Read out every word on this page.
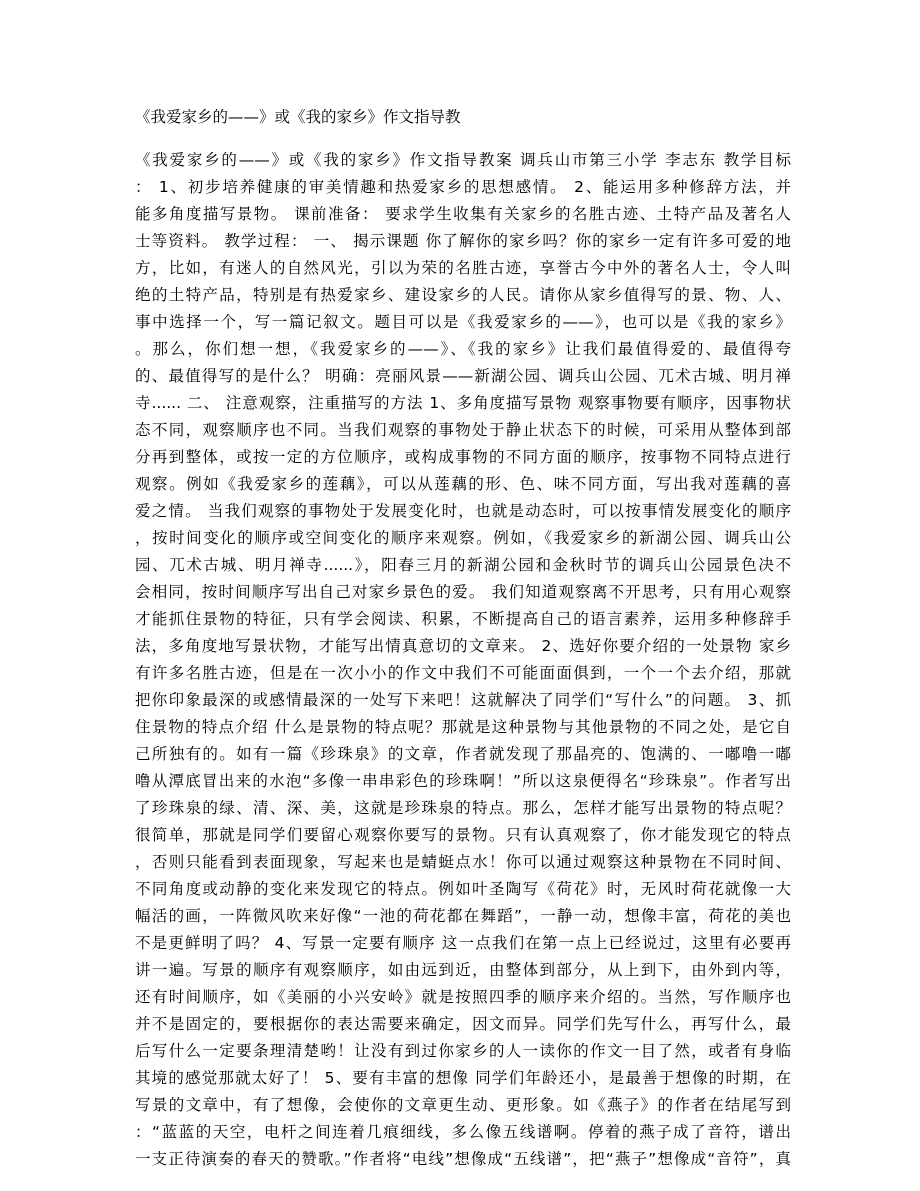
《我爱家乡的——》或《我的家乡》作文指导教
《我爱家乡的——》或《我的家乡》作文指导教案 调兵山市第三小学 李志东 教学目标
： 1、初步培养健康的审美情趣和热爱家乡的思想感情。 2、能运用多种修辞方法，并
能多角度描写景物。 课前准备： 要求学生收集有关家乡的名胜古迹、土特产品及著名人
士等资料。 教学过程： 一、 揭示课题 你了解你的家乡吗？你的家乡一定有许多可爱的地
方，比如，有迷人的自然风光，引以为荣的名胜古迹，享誉古今中外的著名人士，令人叫
绝的土特产品，特别是有热爱家乡、建设家乡的人民。请你从家乡值得写的景、物、人、
事中选择一个，写一篇记叙文。题目可以是《我爱家乡的——》，也可以是《我的家乡》
。那么，你们想一想，《我爱家乡的——》、《我的家乡》让我们最值得爱的、最值得夸
的、最值得写的是什么？ 明确：亮丽风景——新湖公园、调兵山公园、兀术古城、明月禅
寺...... 二、 注意观察，注重描写的方法 1、多角度描写景物 观察事物要有顺序，因事物状
态不同，观察顺序也不同。当我们观察的事物处于静止状态下的时候，可采用从整体到部
分再到整体，或按一定的方位顺序，或构成事物的不同方面的顺序，按事物不同特点进行
观察。例如《我爱家乡的莲藕》，可以从莲藕的形、色、味不同方面，写出我对莲藕的喜
爱之情。 当我们观察的事物处于发展变化时，也就是动态时，可以按事情发展变化的顺序
，按时间变化的顺序或空间变化的顺序来观察。例如，《我爱家乡的新湖公园、调兵山公
园、兀术古城、明月禅寺......》，阳春三月的新湖公园和金秋时节的调兵山公园景色决不
会相同，按时间顺序写出自己对家乡景色的爱。 我们知道观察离不开思考，只有用心观察
才能抓住景物的特征，只有学会阅读、积累，不断提高自己的语言素养，运用多种修辞手
法，多角度地写景状物，才能写出情真意切的文章来。 2、选好你要介绍的一处景物 家乡
有许多名胜古迹，但是在一次小小的作文中我们不可能面面俱到，一个一个去介绍，那就
把你印象最深的或感情最深的一处写下来吧！这就解决了同学们“写什么”的问题。 3、抓
住景物的特点介绍 什么是景物的特点呢？那就是这种景物与其他景物的不同之处，是它自
己所独有的。如有一篇《珍珠泉》的文章，作者就发现了那晶亮的、饱满的、一嘟噜一嘟
噜从潭底冒出来的水泡“多像一串串彩色的珍珠啊！”所以这泉便得名“珍珠泉”。作者写出
了珍珠泉的绿、清、深、美，这就是珍珠泉的特点。那么，怎样才能写出景物的特点呢？
很简单，那就是同学们要留心观察你要写的景物。只有认真观察了，你才能发现它的特点
，否则只能看到表面现象，写起来也是蜻蜓点水！你可以通过观察这种景物在不同时间、
不同角度或动静的变化来发现它的特点。例如叶圣陶写《荷花》时，无风时荷花就像一大
幅活的画，一阵微风吹来好像“一池的荷花都在舞蹈”，一静一动，想像丰富，荷花的美也
不是更鲜明了吗？ 4、写景一定要有顺序 这一点我们在第一点上已经说过，这里有必要再
讲一遍。写景的顺序有观察顺序，如由远到近，由整体到部分，从上到下，由外到内等，
还有时间顺序，如《美丽的小兴安岭》就是按照四季的顺序来介绍的。当然，写作顺序也
并不是固定的，要根据你的表达需要来确定，因文而异。同学们先写什么，再写什么，最
后写什么一定要条理清楚哟！让没有到过你家乡的人一读你的作文一目了然，或者有身临
其境的感觉那就太好了！ 5、要有丰富的想像 同学们年龄还小，是最善于想像的时期，在
写景的文章中，有了想像，会使你的文章更生动、更形象。如《燕子》的作者在结尾写到
：“蓝蓝的天空，电杆之间连着几痕细线，多么像五线谱啊。停着的燕子成了音符，谱出
一支正待演奏的春天的赞歌。”作者将“电线”想像成“五线谱”，把“燕子”想像成“音符”，真
